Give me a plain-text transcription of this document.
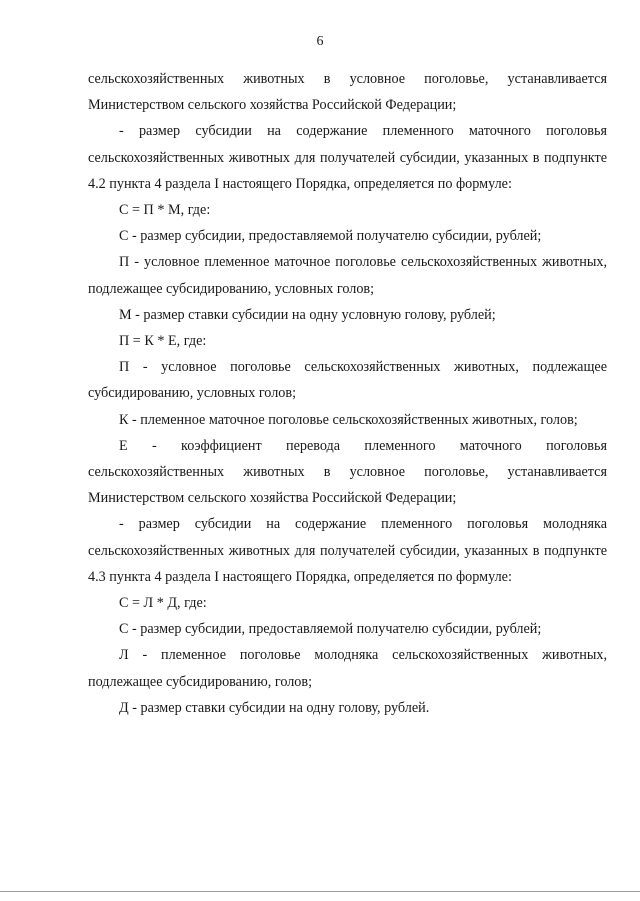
6

сельскохозяйственных животных в условное поголовье, устанавливается Министерством сельского хозяйства Российской Федерации;

- размер субсидии на содержание племенного маточного поголовья сельскохозяйственных животных для получателей субсидии, указанных в подпункте 4.2 пункта 4 раздела I настоящего Порядка, определяется по формуле:

С = П * М, где:

С - размер субсидии, предоставляемой получателю субсидии, рублей;

П - условное племенное маточное поголовье сельскохозяйственных животных, подлежащее субсидированию, условных голов;

М - размер ставки субсидии на одну условную голову, рублей;

П = К * Е, где:

П - условное поголовье сельскохозяйственных животных, подлежащее субсидированию, условных голов;

К - племенное маточное поголовье сельскохозяйственных животных, голов;

Е - коэффициент перевода племенного маточного поголовья сельскохозяйственных животных в условное поголовье, устанавливается Министерством сельского хозяйства Российской Федерации;

- размер субсидии на содержание племенного поголовья молодняка сельскохозяйственных животных для получателей субсидии, указанных в подпункте 4.3 пункта 4 раздела I настоящего Порядка, определяется по формуле:

С = Л * Д, где:

С - размер субсидии, предоставляемой получателю субсидии, рублей;

Л - племенное поголовье молодняка сельскохозяйственных животных, подлежащее субсидированию, голов;

Д - размер ставки субсидии на одну голову, рублей.
